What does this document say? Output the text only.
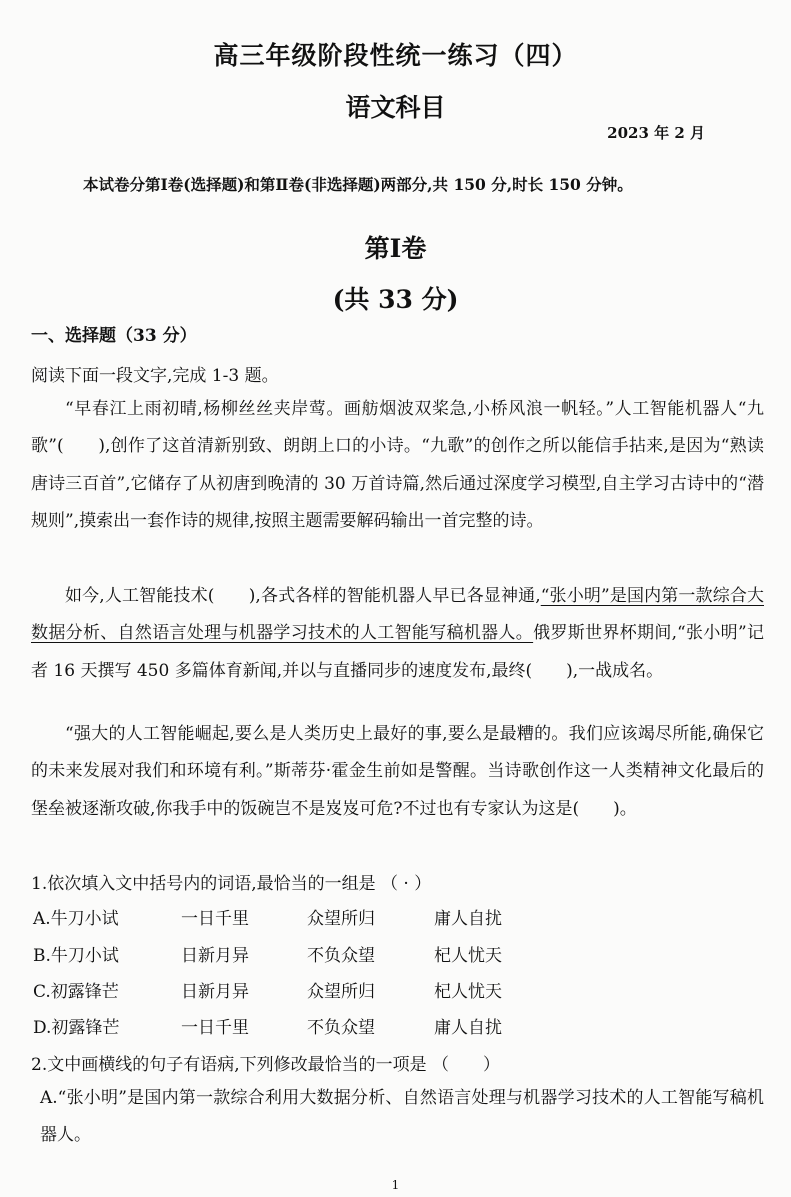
高三年级阶段性统一练习（四）
语文科目
2023 年 2 月
本试卷分第Ⅰ卷(选择题)和第Ⅱ卷(非选择题)两部分,共 150 分,时长 150 分钟。
第Ⅰ卷
(共 33 分)
一、选择题（33 分）
阅读下面一段文字,完成 1-3 题。
“早春江上雨初晴,杨柳丝丝夹岸莺。画舫烟波双桨急,小桥风浪一帆轻。”人工智能机器人“九歌”(　　),创作了这首清新别致、朗朗上口的小诗。“九歌”的创作之所以能信手拈来,是因为“熟读唐诗三百首”,它储存了从初唐到晚清的 30 万首诗篇,然后通过深度学习模型,自主学习古诗中的“潜规则”,摸索出一套作诗的规律,按照主题需要解码输出一首完整的诗。
如今,人工智能技术(　　),各式各样的智能机器人早已各显神通,“张小明”是国内第一款综合大数据分析、自然语言处理与机器学习技术的人工智能写稿机器人。俄罗斯世界杯期间,“张小明”记者 16 天撰写 450 多篇体育新闻,并以与直播同步的速度发布,最终(　　),一战成名。
“强大的人工智能崛起,要么是人类历史上最好的事,要么是最糟的。我们应该竭尽所能,确保它的未来发展对我们和环境有利。”斯蒂芬·霍金生前如是警醒。当诗歌创作这一人类精神文化最后的堡垒被逐渐攻破,你我手中的饭碗岂不是岌岌可危?不过也有专家认为这是(　　)。
1.依次填入文中括号内的词语,最恰当的一组是 （ · ）
A.牛刀小试	一日千里	众望所归	庸人自扰
B.牛刀小试	日新月异	不负众望	杞人忧天
C.初露锋芒	日新月异	众望所归	杞人忧天
D.初露锋芒	一日千里	不负众望	庸人自扰
2.文中画横线的句子有语病,下列修改最恰当的一项是 （　　）
A.“张小明”是国内第一款综合利用大数据分析、自然语言处理与机器学习技术的人工智能写稿机器人。
1
